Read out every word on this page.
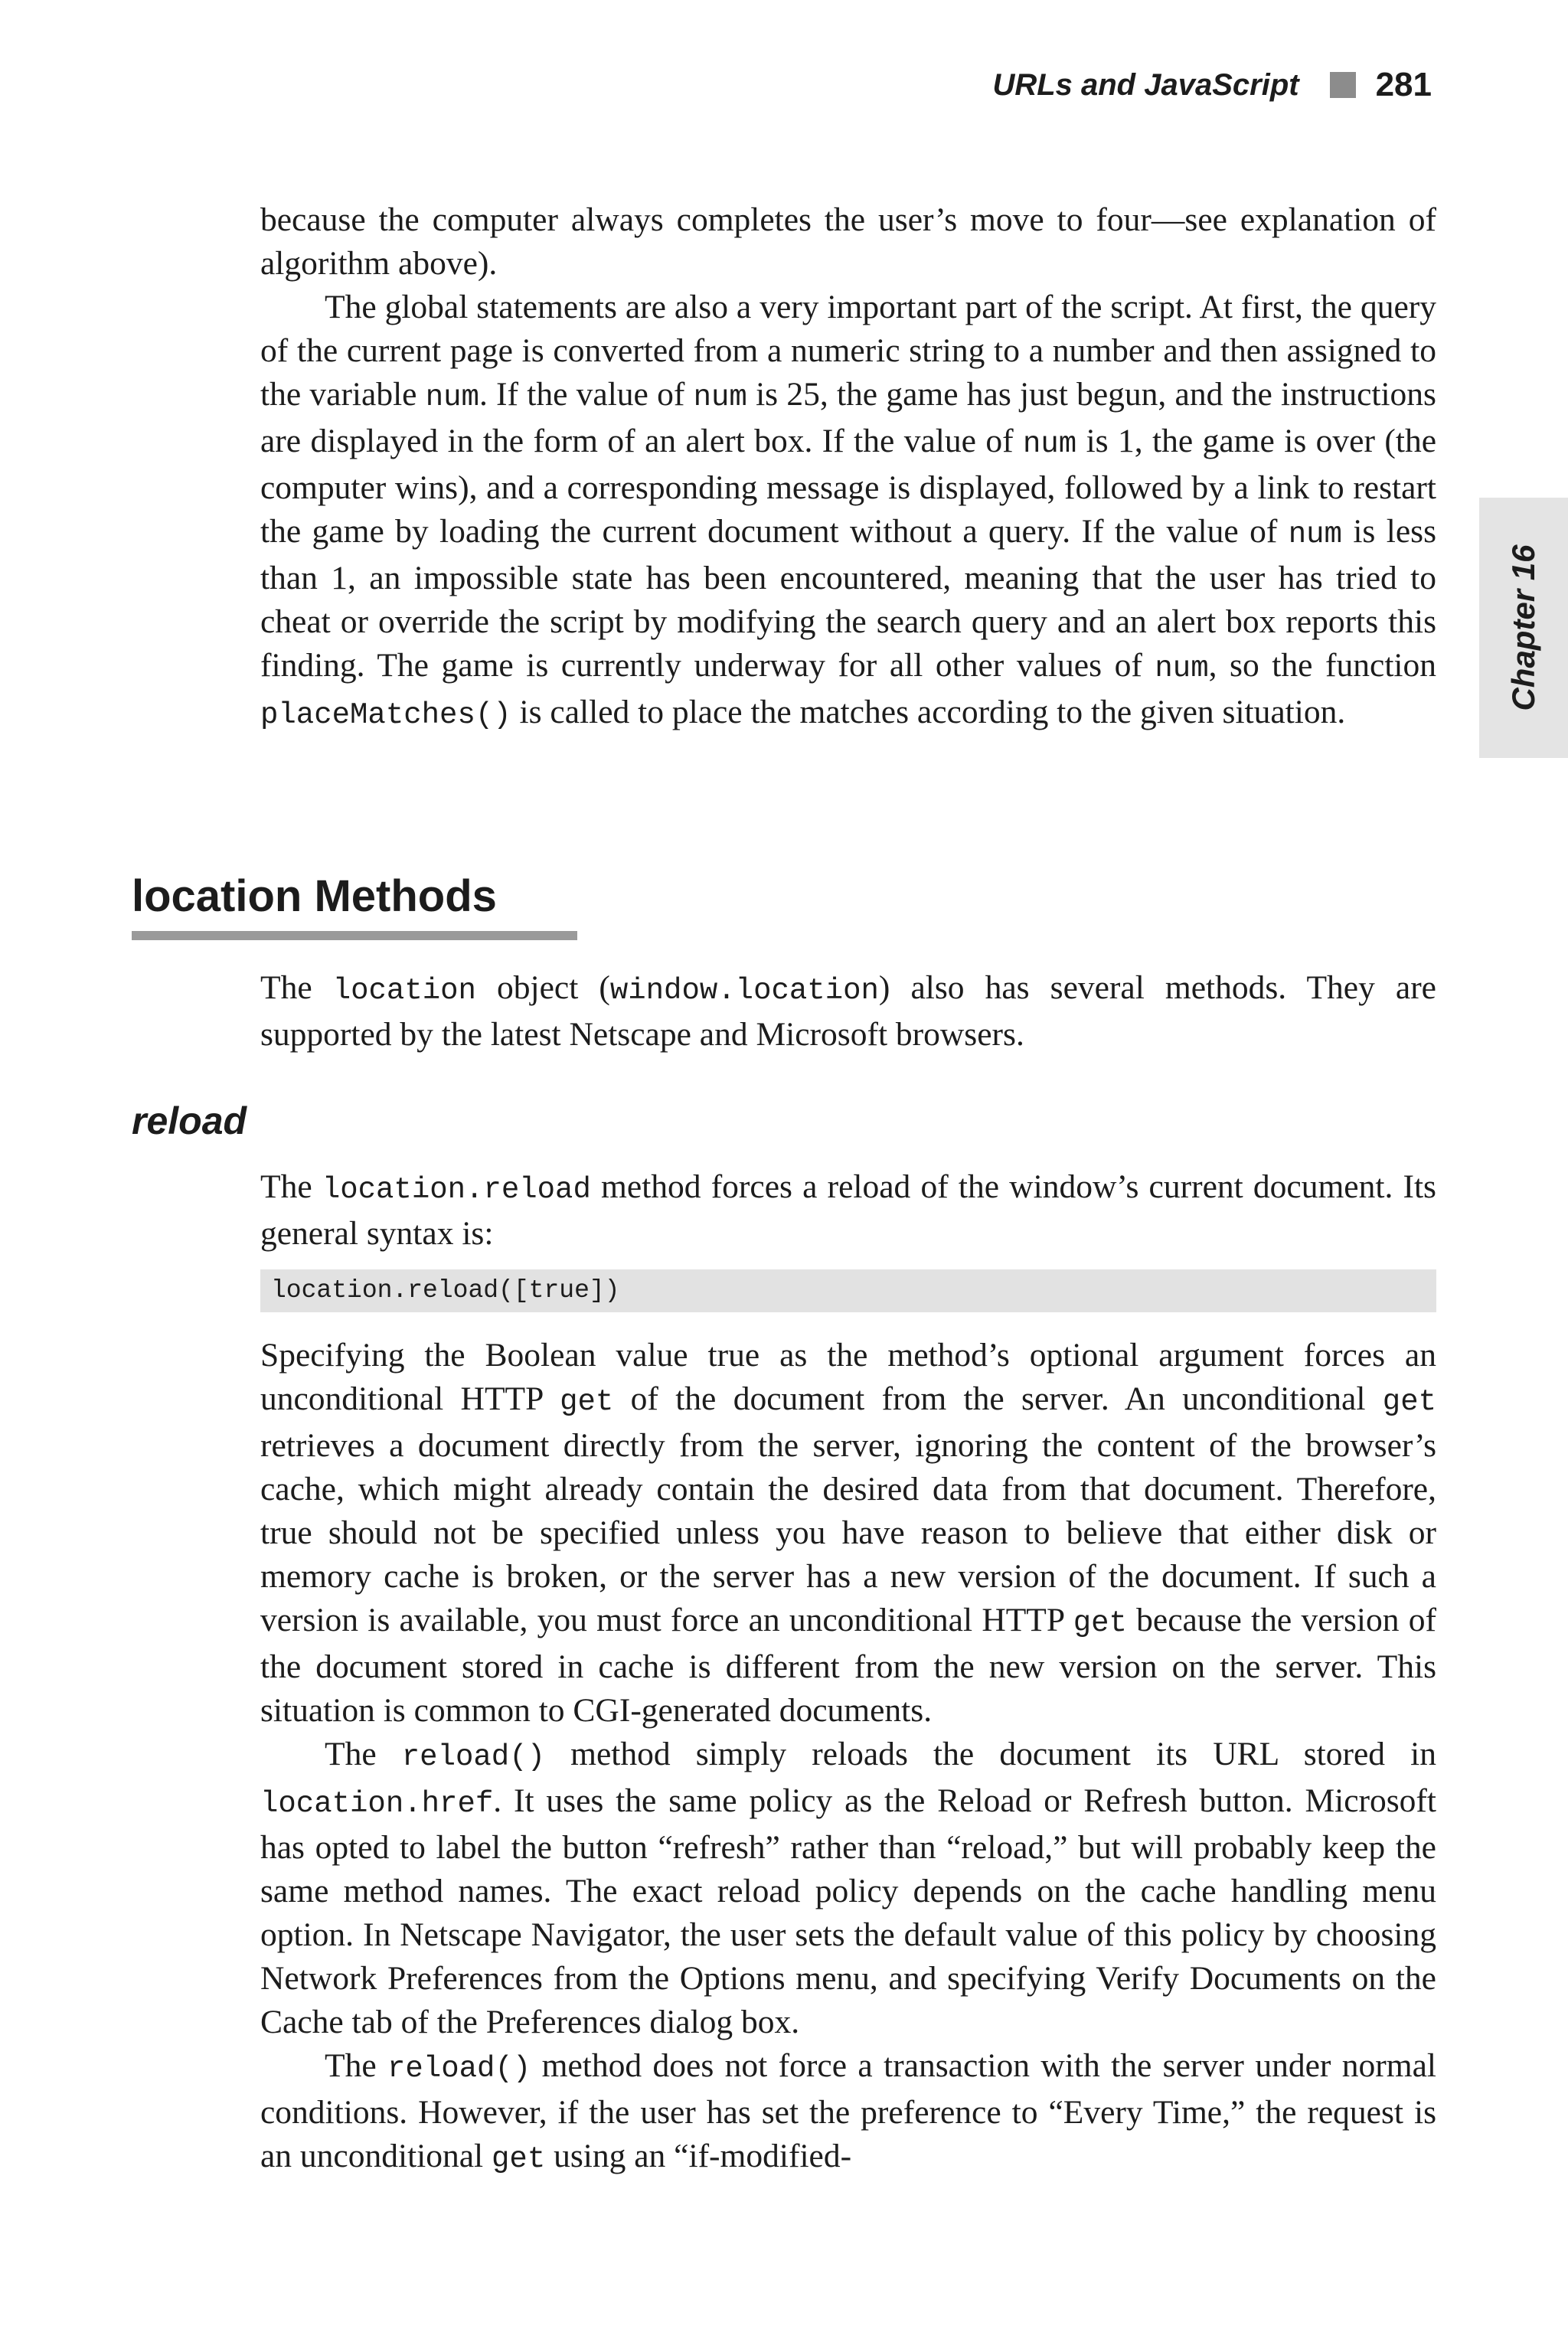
URLs and JavaScript 281
Chapter 16

because the computer always completes the user’s move to four—see explanation of algorithm above).

The global statements are also a very important part of the script. At first, the query of the current page is converted from a numeric string to a number and then assigned to the variable num. If the value of num is 25, the game has just begun, and the instructions are displayed in the form of an alert box. If the value of num is 1, the game is over (the computer wins), and a corresponding message is displayed, followed by a link to restart the game by loading the current document without a query. If the value of num is less than 1, an impossible state has been encountered, meaning that the user has tried to cheat or override the script by modifying the search query and an alert box reports this finding. The game is currently underway for all other values of num, so the function placeMatches() is called to place the matches according to the given situation.

location Methods

The location object (window.location) also has several methods. They are supported by the latest Netscape and Microsoft browsers.

reload

The location.reload method forces a reload of the window’s current document. Its general syntax is:

location.reload([true])

Specifying the Boolean value true as the method’s optional argument forces an unconditional HTTP get of the document from the server. An unconditional get retrieves a document directly from the server, ignoring the content of the browser’s cache, which might already contain the desired data from that document. Therefore, true should not be specified unless you have reason to believe that either disk or memory cache is broken, or the server has a new version of the document. If such a version is available, you must force an unconditional HTTP get because the version of the document stored in cache is different from the new version on the server. This situation is common to CGI-generated documents.

The reload() method simply reloads the document its URL stored in location.href. It uses the same policy as the Reload or Refresh button. Microsoft has opted to label the button “refresh” rather than “reload,” but will probably keep the same method names. The exact reload policy depends on the cache handling menu option. In Netscape Navigator, the user sets the default value of this policy by choosing Network Preferences from the Options menu, and specifying Verify Documents on the Cache tab of the Preferences dialog box.

The reload() method does not force a transaction with the server under normal conditions. However, if the user has set the preference to “Every Time,” the request is an unconditional get using an “if-modified-
